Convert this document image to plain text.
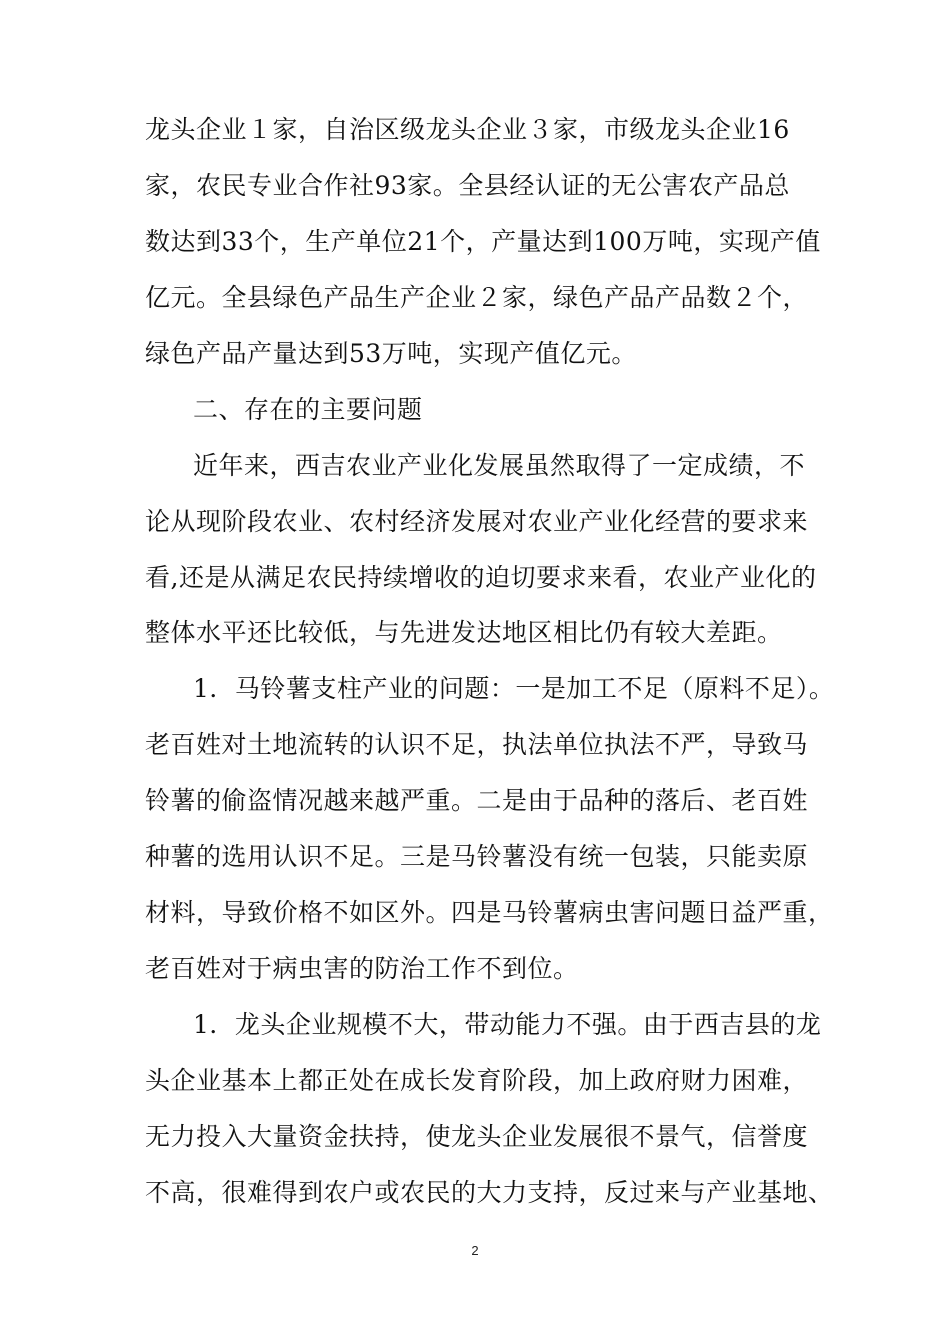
龙头企业１家，自治区级龙头企业３家，市级龙头企业16
家，农民专业合作社93家。全县经认证的无公害农产品总
数达到33个，生产单位21个，产量达到100万吨，实现产值
亿元。全县绿色产品生产企业２家，绿色产品产品数２个，
绿色产品产量达到53万吨，实现产值亿元。
二、存在的主要问题
近年来，西吉农业产业化发展虽然取得了一定成绩，不
论从现阶段农业、农村经济发展对农业产业化经营的要求来
看,还是从满足农民持续增收的迫切要求来看，农业产业化的
整体水平还比较低，与先进发达地区相比仍有较大差距。
1．马铃薯支柱产业的问题：一是加工不足（原料不足）。
老百姓对土地流转的认识不足，执法单位执法不严，导致马
铃薯的偷盗情况越来越严重。二是由于品种的落后、老百姓
种薯的选用认识不足。三是马铃薯没有统一包装，只能卖原
材料，导致价格不如区外。四是马铃薯病虫害问题日益严重，
老百姓对于病虫害的防治工作不到位。
1．龙头企业规模不大，带动能力不强。由于西吉县的龙
头企业基本上都正处在成长发育阶段，加上政府财力困难，
无力投入大量资金扶持，使龙头企业发展很不景气，信誉度
不高，很难得到农户或农民的大力支持，反过来与产业基地、
2
